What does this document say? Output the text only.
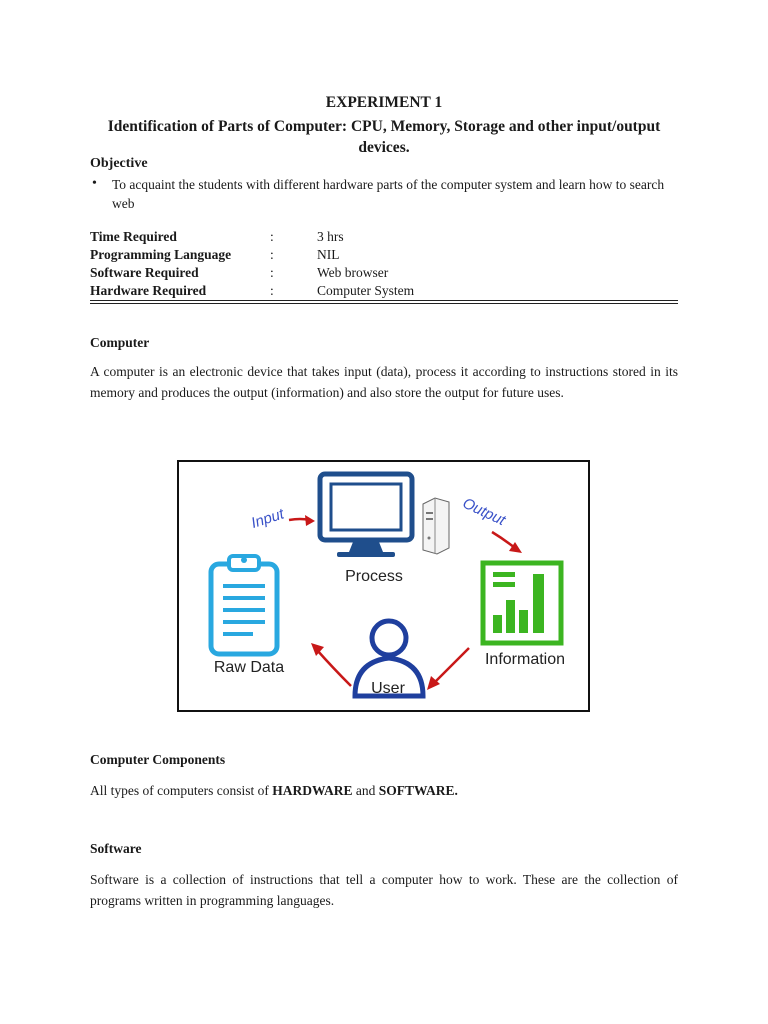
EXPERIMENT 1
Identification of Parts of Computer: CPU, Memory, Storage and other input/output devices.
Objective
• To acquaint the students with different hardware parts of the computer system and learn how to search web
Time Required	:	3 hrs
Programming Language	:	NIL
Software Required	:	Web browser
Hardware Required	:	Computer System
Computer
A computer is an electronic device that takes input (data), process it according to instructions stored in its memory and produces the output (information) and also store the output for future uses.
Process
Input	Output
Raw Data	Information
User
Computer Components
All types of computers consist of HARDWARE and SOFTWARE.
Software
Software is a collection of instructions that tell a computer how to work. These are the collection of programs written in programming languages.
